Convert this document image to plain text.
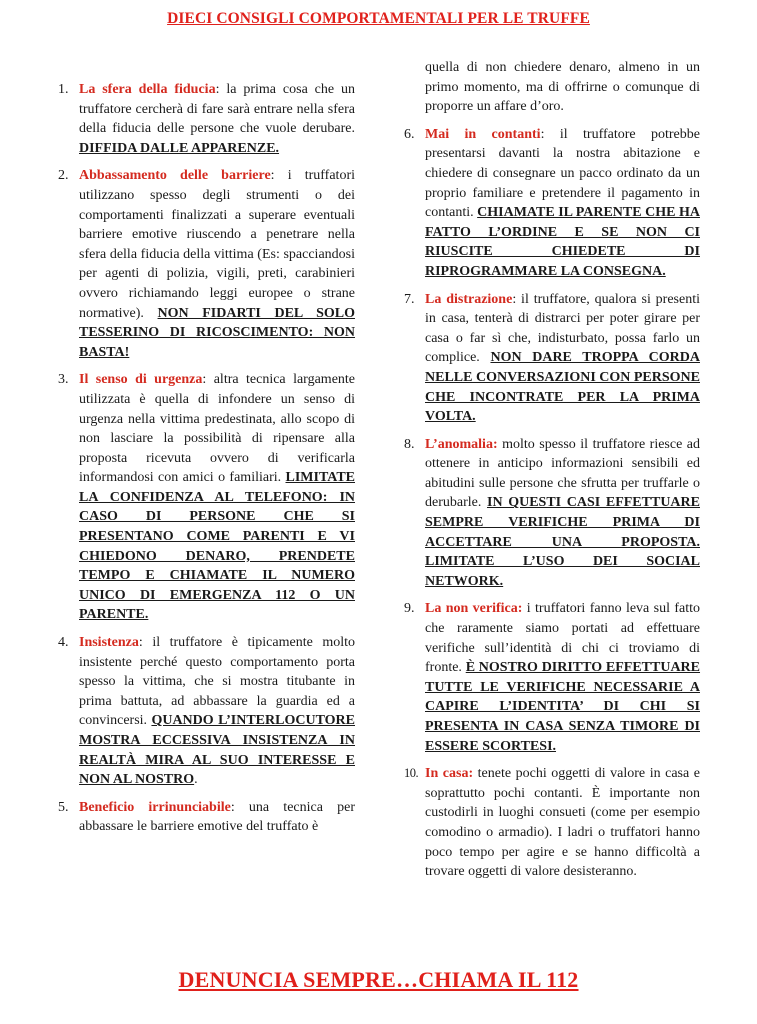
DIECI CONSIGLI COMPORTAMENTALI PER LE TRUFFE
1. La sfera della fiducia: la prima cosa che un truffatore cercherà di fare sarà entrare nella sfera della fiducia delle persone che vuole derubare. DIFFIDA DALLE APPARENZE.
2. Abbassamento delle barriere: i truffatori utilizzano spesso degli strumenti o dei comportamenti finalizzati a superare eventuali barriere emotive riuscendo a penetrare nella sfera della fiducia della vittima (Es: spacciandosi per agenti di polizia, vigili, preti, carabinieri ovvero richiamando leggi europee o strane normative). NON FIDARTI DEL SOLO TESSERINO DI RICOSCIMENTO: NON BASTA!
3. Il senso di urgenza: altra tecnica largamente utilizzata è quella di infondere un senso di urgenza nella vittima predestinata, allo scopo di non lasciare la possibilità di ripensare alla proposta ricevuta ovvero di verificarla informandosi con amici o familiari. LIMITATE LA CONFIDENZA AL TELEFONO: IN CASO DI PERSONE CHE SI PRESENTANO COME PARENTI E VI CHIEDONO DENARO, PRENDETE TEMPO E CHIAMATE IL NUMERO UNICO DI EMERGENZA 112 O UN PARENTE.
4. Insistenza: il truffatore è tipicamente molto insistente perché questo comportamento porta spesso la vittima, che si mostra titubante in prima battuta, ad abbassare la guardia ed a convincersi. QUANDO L’INTERLOCUTORE MOSTRA ECCESSIVA INSISTENZA IN REALTÀ MIRA AL SUO INTERESSE E NON AL NOSTRO.
5. Beneficio irrinunciabile: una tecnica per abbassare le barriere emotive del truffato è
quella di non chiedere denaro, almeno in un primo momento, ma di offrirne o comunque di proporre un affare d’oro.
6. Mai in contanti: il truffatore potrebbe presentarsi davanti la nostra abitazione e chiedere di consegnare un pacco ordinato da un proprio familiare e pretendere il pagamento in contanti. CHIAMATE IL PARENTE CHE HA FATTO L’ORDINE E SE NON CI RIUSCITE CHIEDETE DI RIPROGRAMMARE LA CONSEGNA.
7. La distrazione: il truffatore, qualora si presenti in casa, tenterà di distrarci per poter girare per casa o far sì che, indisturbato, possa farlo un complice. NON DARE TROPPA CORDA NELLE CONVERSAZIONI CON PERSONE CHE INCONTRATE PER LA PRIMA VOLTA.
8. L’anomalia: molto spesso il truffatore riesce ad ottenere in anticipo informazioni sensibili ed abitudini sulle persone che sfrutta per truffarle o derubarle. IN QUESTI CASI EFFETTUARE SEMPRE VERIFICHE PRIMA DI ACCETTARE UNA PROPOSTA. LIMITATE L’USO DEI SOCIAL NETWORK.
9. La non verifica: i truffatori fanno leva sul fatto che raramente siamo portati ad effettuare verifiche sull’identità di chi ci troviamo di fronte. È NOSTRO DIRITTO EFFETTUARE TUTTE LE VERIFICHE NECESSARIE A CAPIRE L’IDENTITA’ DI CHI SI PRESENTA IN CASA SENZA TIMORE DI ESSERE SCORTESI.
10. In casa: tenete pochi oggetti di valore in casa e soprattutto pochi contanti. È importante non custodirli in luoghi consueti (come per esempio comodino o armadio). I ladri o truffatori hanno poco tempo per agire e se hanno difficoltà a trovare oggetti di valore desisteranno.
DENUNCIA SEMPRE…CHIAMA IL 112
